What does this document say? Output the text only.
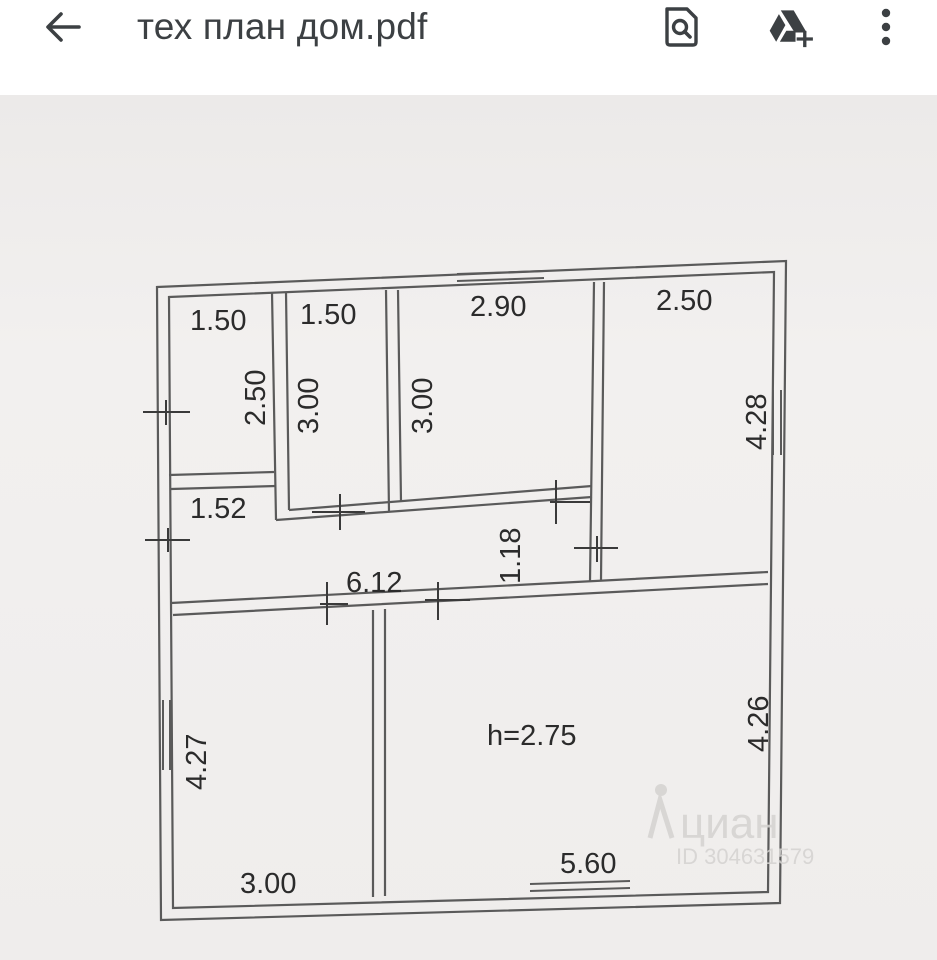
тех план дом.pdf
1.50 1.50	2.90	2.50
2.50 3.00	3.00	4.28
1.52
1.18
6.12
h=2.75
4.27
4.26
3.00
5.60
циан
ID 304631579
